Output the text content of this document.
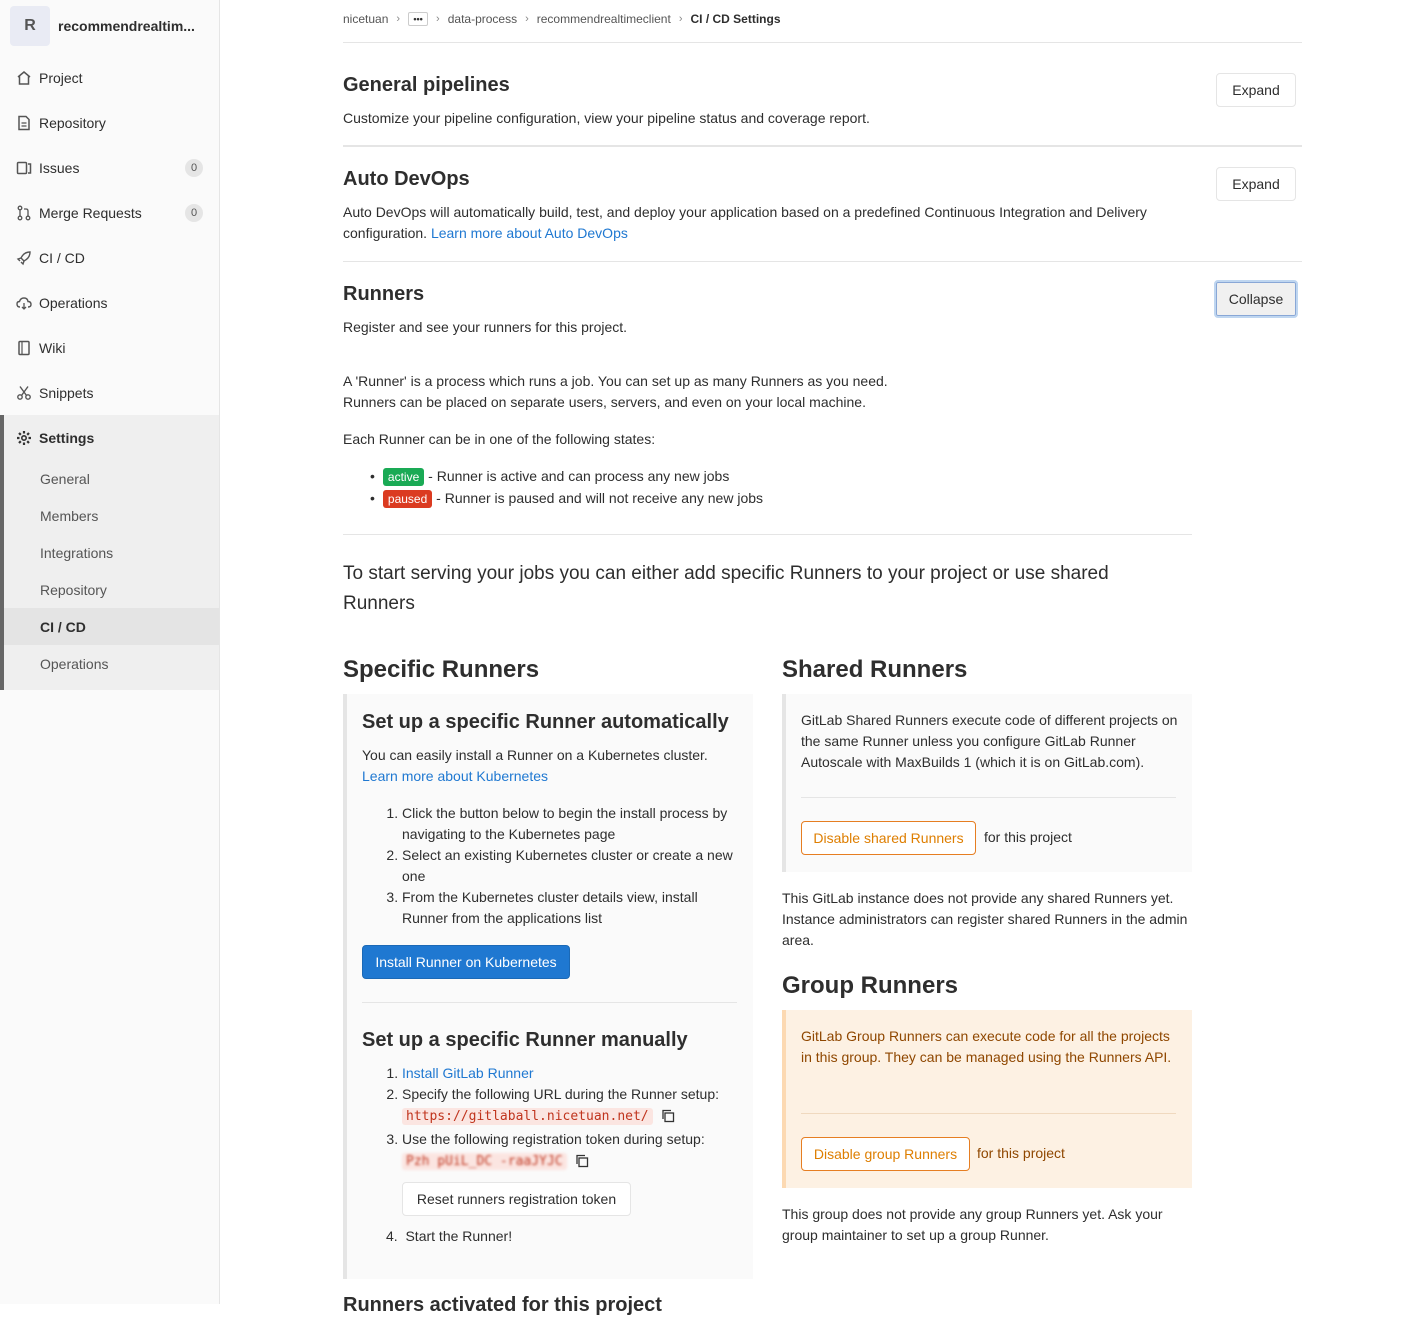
R	recommendrealtim...
Project
Repository
Issues	0
Merge Requests	0
CI / CD
Operations
Wiki
Snippets
Settings
General
Members
Integrations
Repository
CI / CD
Operations
nicetuan ›	•••	› data-process › recommendrealtimeclient › CI / CD Settings
General pipelines
Customize your pipeline configuration, view your pipeline status and coverage report.
Expand
Auto DevOps
Auto DevOps will automatically build, test, and deploy your application based on a predefined Continuous Integration and Delivery configuration. Learn more about Auto DevOps
Expand
Runners
Register and see your runners for this project.
Collapse
A 'Runner' is a process which runs a job. You can set up as many Runners as you need.
Runners can be placed on separate users, servers, and even on your local machine.
Each Runner can be in one of the following states:
• active - Runner is active and can process any new jobs
• paused - Runner is paused and will not receive any new jobs
To start serving your jobs you can either add specific Runners to your project or use shared Runners
Specific Runners
Set up a specific Runner automatically
You can easily install a Runner on a Kubernetes cluster.
Learn more about Kubernetes
1. Click the button below to begin the install process by navigating to the Kubernetes page
2. Select an existing Kubernetes cluster or create a new one
3. From the Kubernetes cluster details view, install Runner from the applications list
Install Runner on Kubernetes
Set up a specific Runner manually
1. Install GitLab Runner
2. Specify the following URL during the Runner setup:
https://gitlaball.nicetuan.net/
3. Use the following registration token during setup:
Pzh pUiL_DC -raaJYJC
Reset runners registration token
4.  Start the Runner!
Shared Runners
GitLab Shared Runners execute code of different projects on the same Runner unless you configure GitLab Runner Autoscale with MaxBuilds 1 (which it is on GitLab.com).
Disable shared Runners	for this project
This GitLab instance does not provide any shared Runners yet. Instance administrators can register shared Runners in the admin area.
Group Runners
GitLab Group Runners can execute code for all the projects in this group. They can be managed using the Runners API.
Disable group Runners	for this project
This group does not provide any group Runners yet. Ask your group maintainer to set up a group Runner.
Runners activated for this project
